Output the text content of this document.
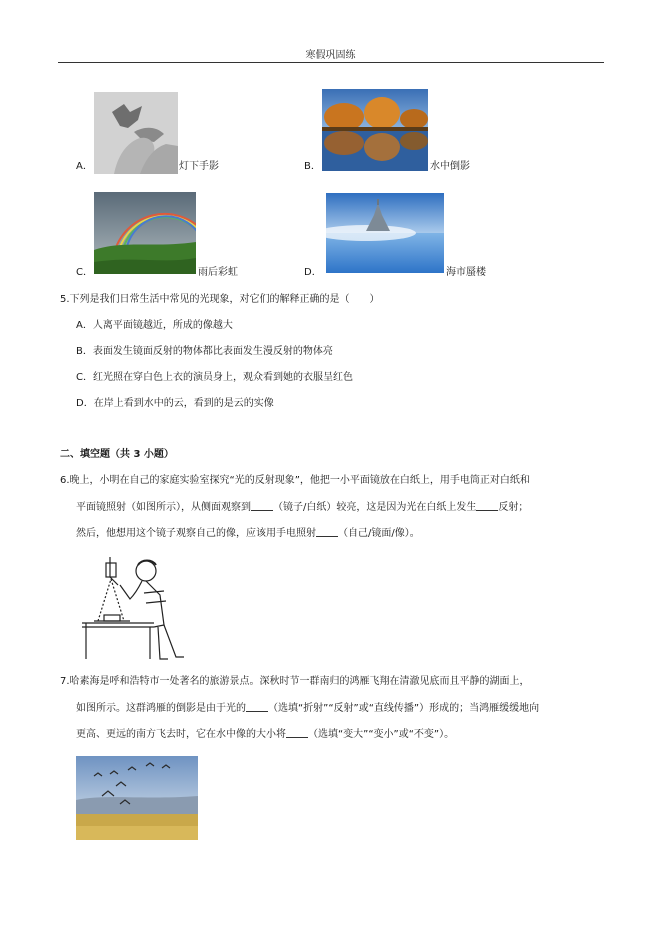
寒假巩固练
A．	灯下手影	B．	水中倒影
C．	雨后彩虹	D．	海市蜃楼
5.下列是我们日常生活中常见的光现象，对它们的解释正确的是（　　）
A．人离平面镜越近，所成的像越大
B．表面发生镜面反射的物体都比表面发生漫反射的物体亮
C．红光照在穿白色上衣的演员身上，观众看到她的衣服呈红色
D．在岸上看到水中的云，看到的是云的实像
二、填空题（共 3 小题）
6.晚上，小明在自己的家庭实验室探究“光的反射现象”，他把一小平面镜放在白纸上，用手电筒正对白纸和
平面镜照射（如图所示），从侧面观察到 （镜子/白纸）较亮，这是因为光在白纸上发生 反射；
然后，他想用这个镜子观察自己的像，应该用手电照射 （自己/镜面/像）。
7.哈素海是呼和浩特市一处著名的旅游景点。深秋时节一群南归的鸿雁飞翔在清澈见底而且平静的湖面上，
如图所示。这群鸿雁的倒影是由于光的 （选填“折射”“反射”或“直线传播”）形成的；当鸿雁缓缓地向
更高、更远的南方飞去时，它在水中像的大小将 （选填“变大”“变小”或“不变”）。
